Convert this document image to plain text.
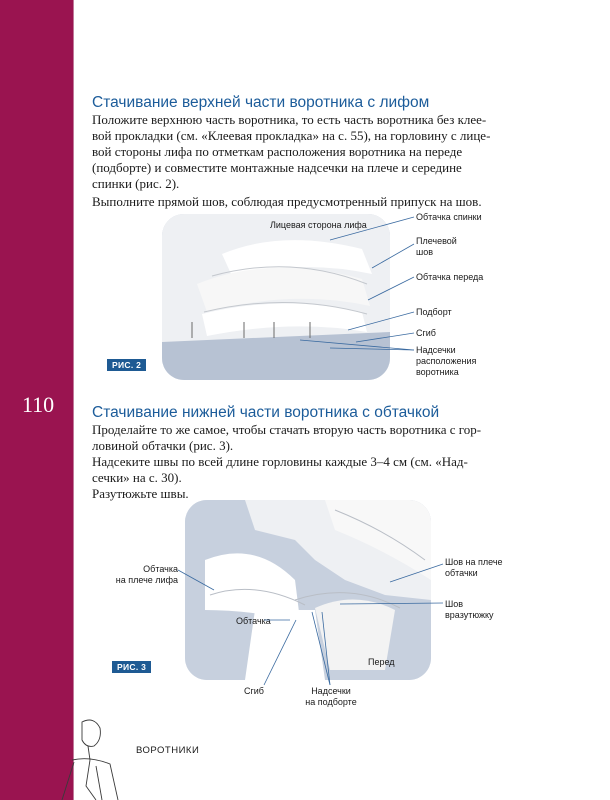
110
Стачивание верхней части воротника с лифом

Положите верхнюю часть воротника, то есть часть воротника без клее-
вой прокладки (см. «Клеевая прокладка» на с. 55), на горловину с лице-
вой стороны лифа по отметкам расположения воротника на переде
(подборте) и совместите монтажные надсечки на плече и середине
спинки (рис. 2).

Выполните прямой шов, соблюдая предусмотренный припуск на шов.

РИС. 2
Лицевая сторона лифа
Обтачка спинки
Плечевой
шов
Обтачка переда
Подборт
Сгиб
Надсечки
расположения
воротника
Стачивание нижней части воротника с обтачкой

Проделайте то же самое, чтобы стачать вторую часть воротника с гор-
ловиной обтачки (рис. 3).

Надсеките швы по всей длине горловины каждые 3–4 см (см. «Над-
сечки» на с. 30).

Разутюжьте швы.

РИС. 3
Обтачка
на плече лифа
Обтачка
Сгиб	Надсечки
на подборте
Перед
Шов на плече
обтачки
Шов
вразутюжку
ВОРОТНИКИ
